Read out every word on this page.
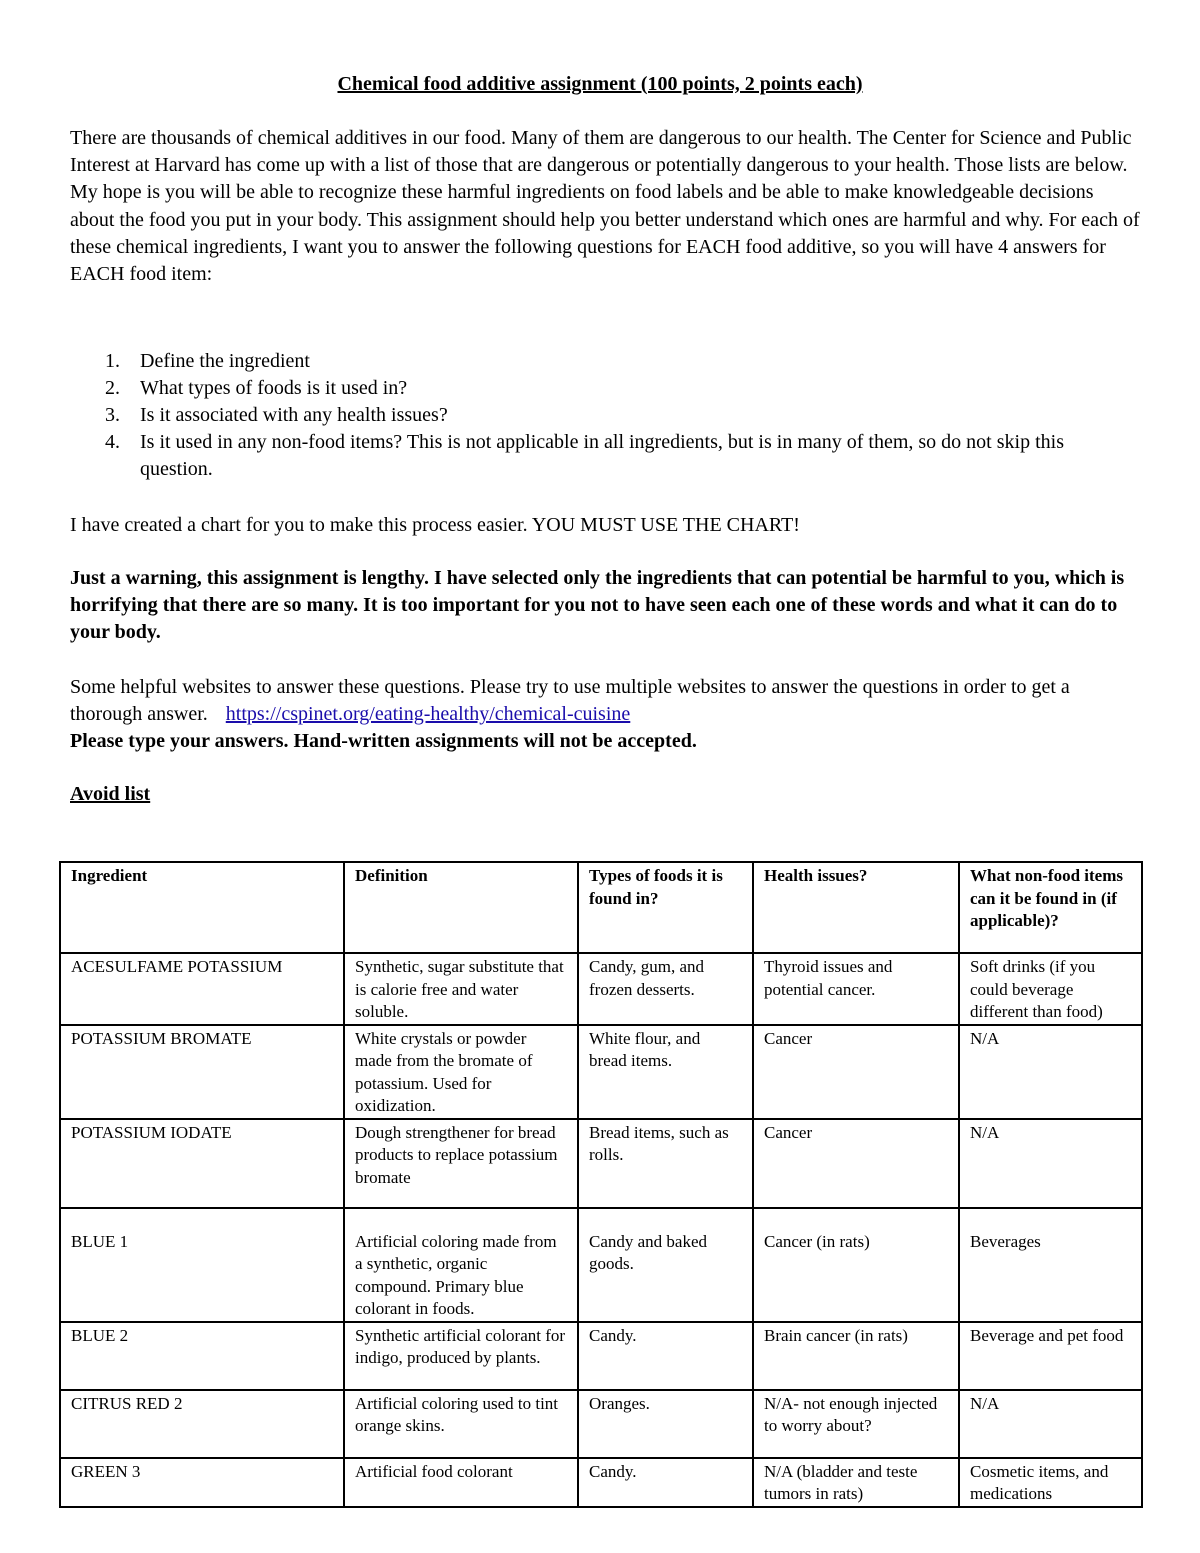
Chemical food additive assignment (100 points, 2 points each)

There are thousands of chemical additives in our food. Many of them are dangerous to our health. The Center for Science and Public Interest at Harvard has come up with a list of those that are dangerous or potentially dangerous to your health. Those lists are below. My hope is you will be able to recognize these harmful ingredients on food labels and be able to make knowledgeable decisions about the food you put in your body. This assignment should help you better understand which ones are harmful and why. For each of these chemical ingredients, I want you to answer the following questions for EACH food additive, so you will have 4 answers for EACH food item:

1. Define the ingredient
2. What types of foods is it used in?
3. Is it associated with any health issues?
4. Is it used in any non-food items? This is not applicable in all ingredients, but is in many of them, so do not skip this question.

I have created a chart for you to make this process easier. YOU MUST USE THE CHART!

Just a warning, this assignment is lengthy. I have selected only the ingredients that can potential be harmful to you, which is horrifying that there are so many. It is too important for you not to have seen each one of these words and what it can do to your body.

Some helpful websites to answer these questions. Please try to use multiple websites to answer the questions in order to get a thorough answer. https://cspinet.org/eating-healthy/chemical-cuisine
Please type your answers. Hand-written assignments will not be accepted.

Avoid list

Ingredient	Definition	Types of foods it is found in?	Health issues?	What non-food items can it be found in (if applicable)?
ACESULFAME POTASSIUM	Synthetic, sugar substitute that is calorie free and water soluble.	Candy, gum, and frozen desserts.	Thyroid issues and potential cancer.	Soft drinks (if you could beverage different than food)
POTASSIUM BROMATE	White crystals or powder made from the bromate of potassium. Used for oxidization.	White flour, and bread items.	Cancer	N/A
POTASSIUM IODATE	Dough strengthener for bread products to replace potassium bromate	Bread items, such as rolls.	Cancer	N/A
BLUE 1	Artificial coloring made from a synthetic, organic compound. Primary blue colorant in foods.	Candy and baked goods.	Cancer (in rats)	Beverages
BLUE 2	Synthetic artificial colorant for indigo, produced by plants.	Candy.	Brain cancer (in rats)	Beverage and pet food
CITRUS RED 2	Artificial coloring used to tint orange skins.	Oranges.	N/A- not enough injected to worry about?	N/A
GREEN 3	Artificial food colorant	Candy.	N/A (bladder and teste tumors in rats)	Cosmetic items, and medications
